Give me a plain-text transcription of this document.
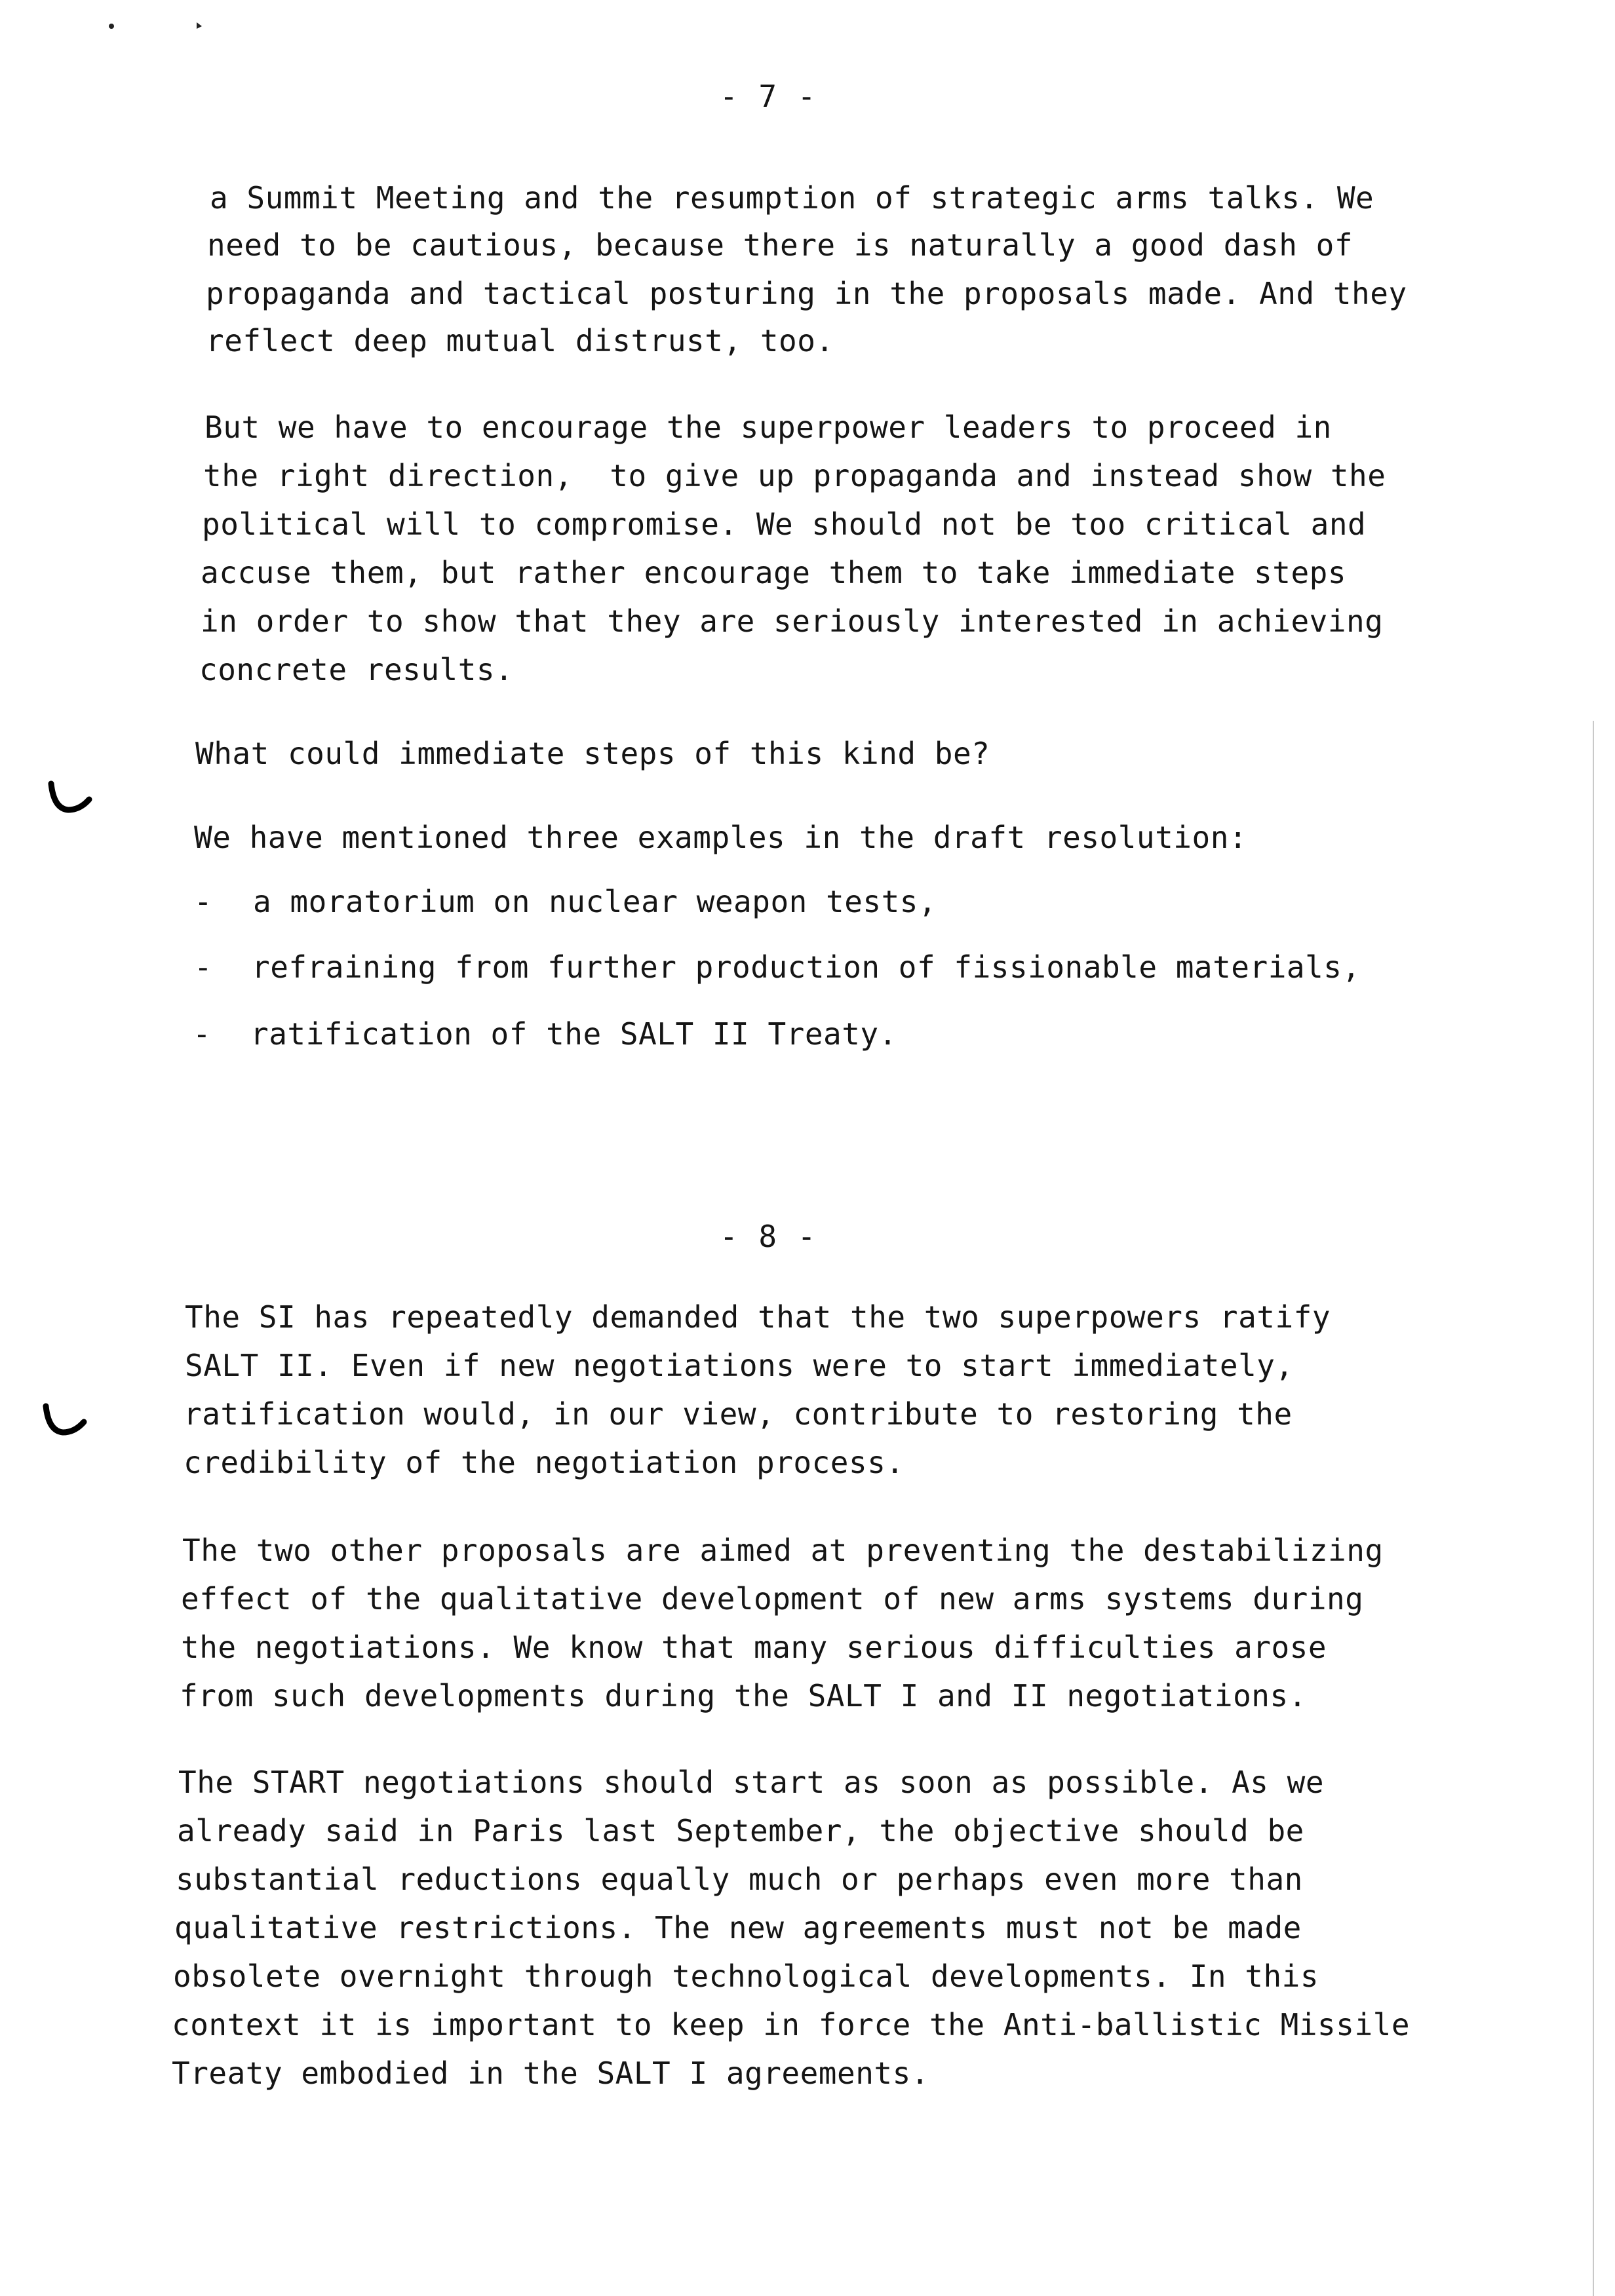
- 7 -
a Summit Meeting and the resumption of strategic arms talks. We
need to be cautious, because there is naturally a good dash of
propaganda and tactical posturing in the proposals made. And they
reflect deep mutual distrust, too.
But we have to encourage the superpower leaders to proceed in
the right direction,  to give up propaganda and instead show the
political will to compromise. We should not be too critical and
accuse them, but rather encourage them to take immediate steps
in order to show that they are seriously interested in achieving
concrete results.
What could immediate steps of this kind be?
We have mentioned three examples in the draft resolution:
- a moratorium on nuclear weapon tests,
- refraining from further production of fissionable materials,
- ratification of the SALT II Treaty.
- 8 -
The SI has repeatedly demanded that the two superpowers ratify
SALT II. Even if new negotiations were to start immediately,
ratification would, in our view, contribute to restoring the
credibility of the negotiation process.
The two other proposals are aimed at preventing the destabilizing
effect of the qualitative development of new arms systems during
the negotiations. We know that many serious difficulties arose
from such developments during the SALT I and II negotiations.
The START negotiations should start as soon as possible. As we
already said in Paris last September, the objective should be
substantial reductions equally much or perhaps even more than
qualitative restrictions. The new agreements must not be made
obsolete overnight through technological developments. In this
context it is important to keep in force the Anti-ballistic Missile
Treaty embodied in the SALT I agreements.
